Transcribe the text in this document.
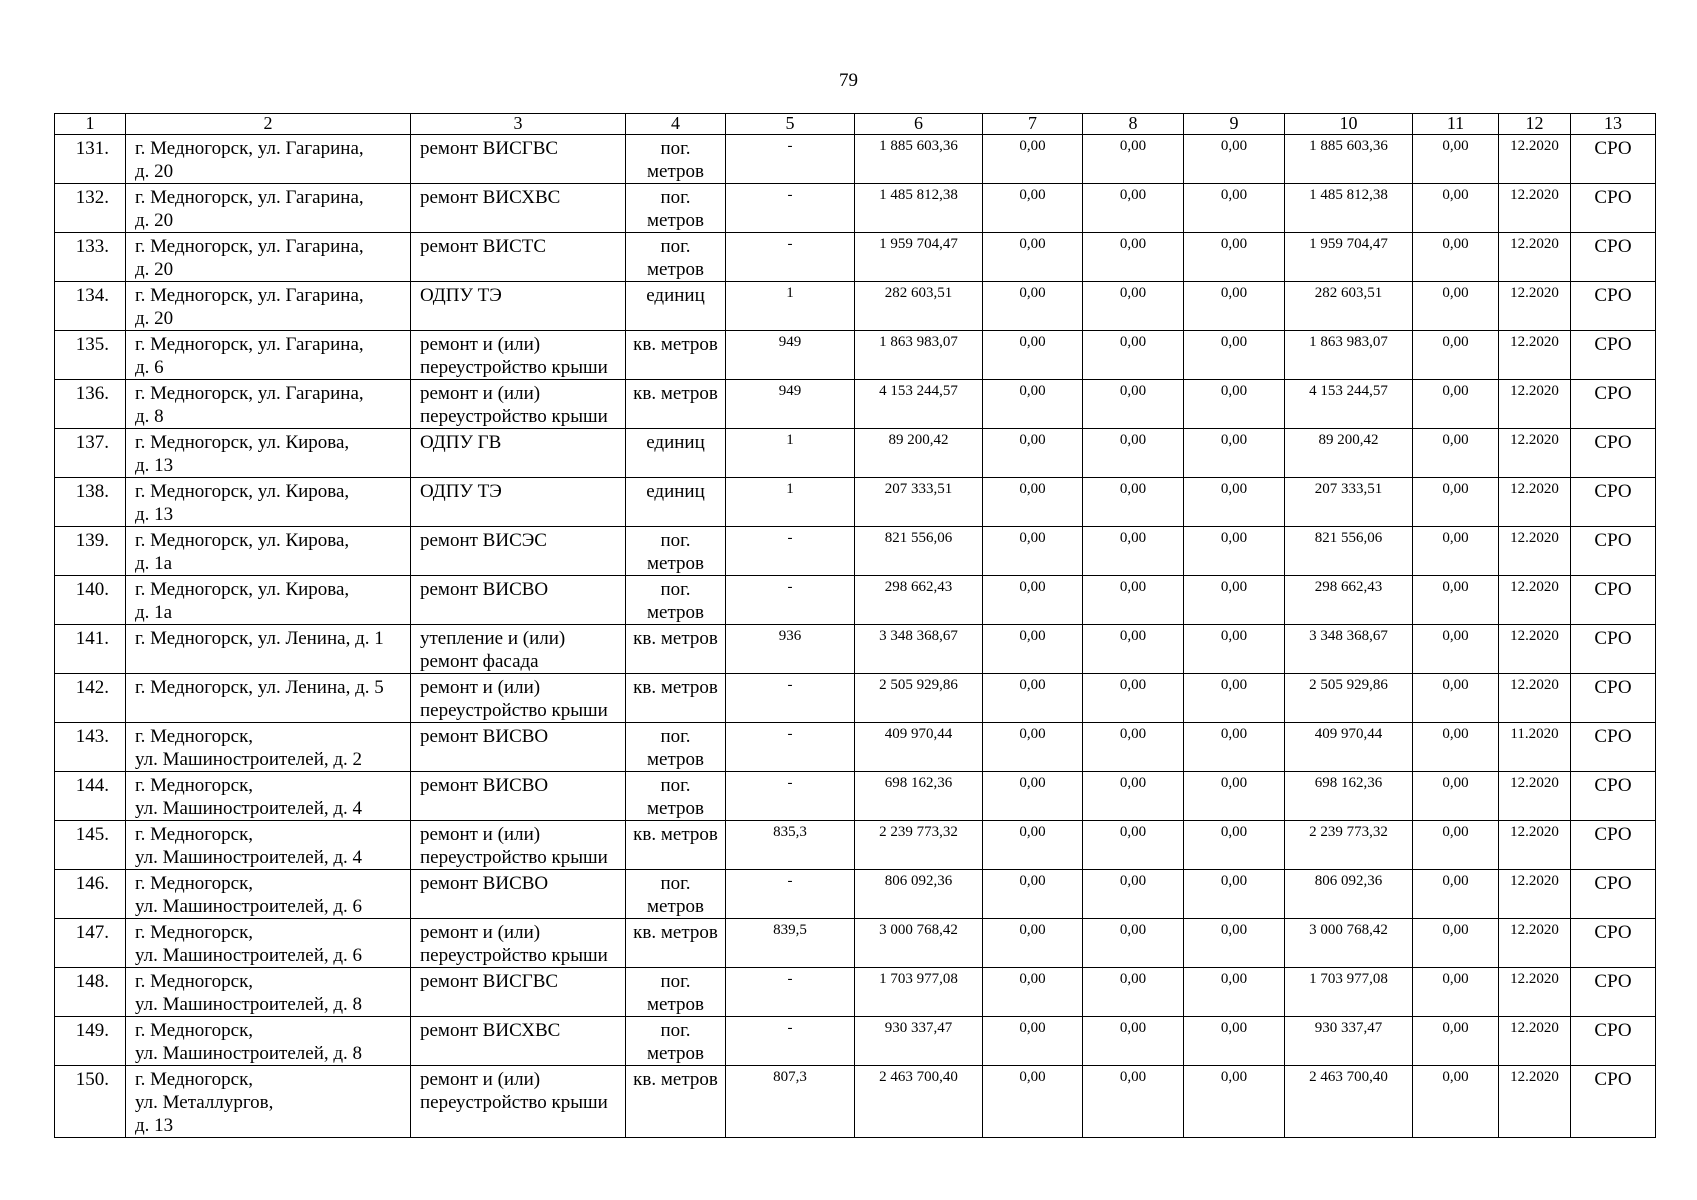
79
1	2	3	4	5	6	7	8	9	10	11	12	13
131.	г. Медногорск, ул. Гагарина,
д. 20	ремонт ВИСГВС	пог.
метров	-	1 885 603,36	0,00	0,00	0,00	1 885 603,36	0,00	12.2020	СРО
132.	г. Медногорск, ул. Гагарина,
д. 20	ремонт ВИСХВС	пог.
метров	-	1 485 812,38	0,00	0,00	0,00	1 485 812,38	0,00	12.2020	СРО
133.	г. Медногорск, ул. Гагарина,
д. 20	ремонт ВИСТС	пог.
метров	-	1 959 704,47	0,00	0,00	0,00	1 959 704,47	0,00	12.2020	СРО
134.	г. Медногорск, ул. Гагарина,
д. 20	ОДПУ ТЭ	единиц	1	282 603,51	0,00	0,00	0,00	282 603,51	0,00	12.2020	СРО
135.	г. Медногорск, ул. Гагарина,
д. 6	ремонт и (или)
переустройство крыши	кв. метров	949	1 863 983,07	0,00	0,00	0,00	1 863 983,07	0,00	12.2020	СРО
136.	г. Медногорск, ул. Гагарина,
д. 8	ремонт и (или)
переустройство крыши	кв. метров	949	4 153 244,57	0,00	0,00	0,00	4 153 244,57	0,00	12.2020	СРО
137.	г. Медногорск, ул. Кирова,
д. 13	ОДПУ ГВ	единиц	1	89 200,42	0,00	0,00	0,00	89 200,42	0,00	12.2020	СРО
138.	г. Медногорск, ул. Кирова,
д. 13	ОДПУ ТЭ	единиц	1	207 333,51	0,00	0,00	0,00	207 333,51	0,00	12.2020	СРО
139.	г. Медногорск, ул. Кирова,
д. 1а	ремонт ВИСЭС	пог.
метров	-	821 556,06	0,00	0,00	0,00	821 556,06	0,00	12.2020	СРО
140.	г. Медногорск, ул. Кирова,
д. 1а	ремонт ВИСВО	пог.
метров	-	298 662,43	0,00	0,00	0,00	298 662,43	0,00	12.2020	СРО
141.	г. Медногорск, ул. Ленина, д. 1	утепление и (или)
ремонт фасада	кв. метров	936	3 348 368,67	0,00	0,00	0,00	3 348 368,67	0,00	12.2020	СРО
142.	г. Медногорск, ул. Ленина, д. 5	ремонт и (или)
переустройство крыши	кв. метров	-	2 505 929,86	0,00	0,00	0,00	2 505 929,86	0,00	12.2020	СРО
143.	г. Медногорск,
ул. Машиностроителей, д. 2	ремонт ВИСВО	пог.
метров	-	409 970,44	0,00	0,00	0,00	409 970,44	0,00	11.2020	СРО
144.	г. Медногорск,
ул. Машиностроителей, д. 4	ремонт ВИСВО	пог.
метров	-	698 162,36	0,00	0,00	0,00	698 162,36	0,00	12.2020	СРО
145.	г. Медногорск,
ул. Машиностроителей, д. 4	ремонт и (или)
переустройство крыши	кв. метров	835,3	2 239 773,32	0,00	0,00	0,00	2 239 773,32	0,00	12.2020	СРО
146.	г. Медногорск,
ул. Машиностроителей, д. 6	ремонт ВИСВО	пог.
метров	-	806 092,36	0,00	0,00	0,00	806 092,36	0,00	12.2020	СРО
147.	г. Медногорск,
ул. Машиностроителей, д. 6	ремонт и (или)
переустройство крыши	кв. метров	839,5	3 000 768,42	0,00	0,00	0,00	3 000 768,42	0,00	12.2020	СРО
148.	г. Медногорск,
ул. Машиностроителей, д. 8	ремонт ВИСГВС	пог.
метров	-	1 703 977,08	0,00	0,00	0,00	1 703 977,08	0,00	12.2020	СРО
149.	г. Медногорск,
ул. Машиностроителей, д. 8	ремонт ВИСХВС	пог.
метров	-	930 337,47	0,00	0,00	0,00	930 337,47	0,00	12.2020	СРО
150.	г. Медногорск,
ул. Металлургов,
д. 13	ремонт и (или)
переустройство крыши	кв. метров	807,3	2 463 700,40	0,00	0,00	0,00	2 463 700,40	0,00	12.2020	СРО
